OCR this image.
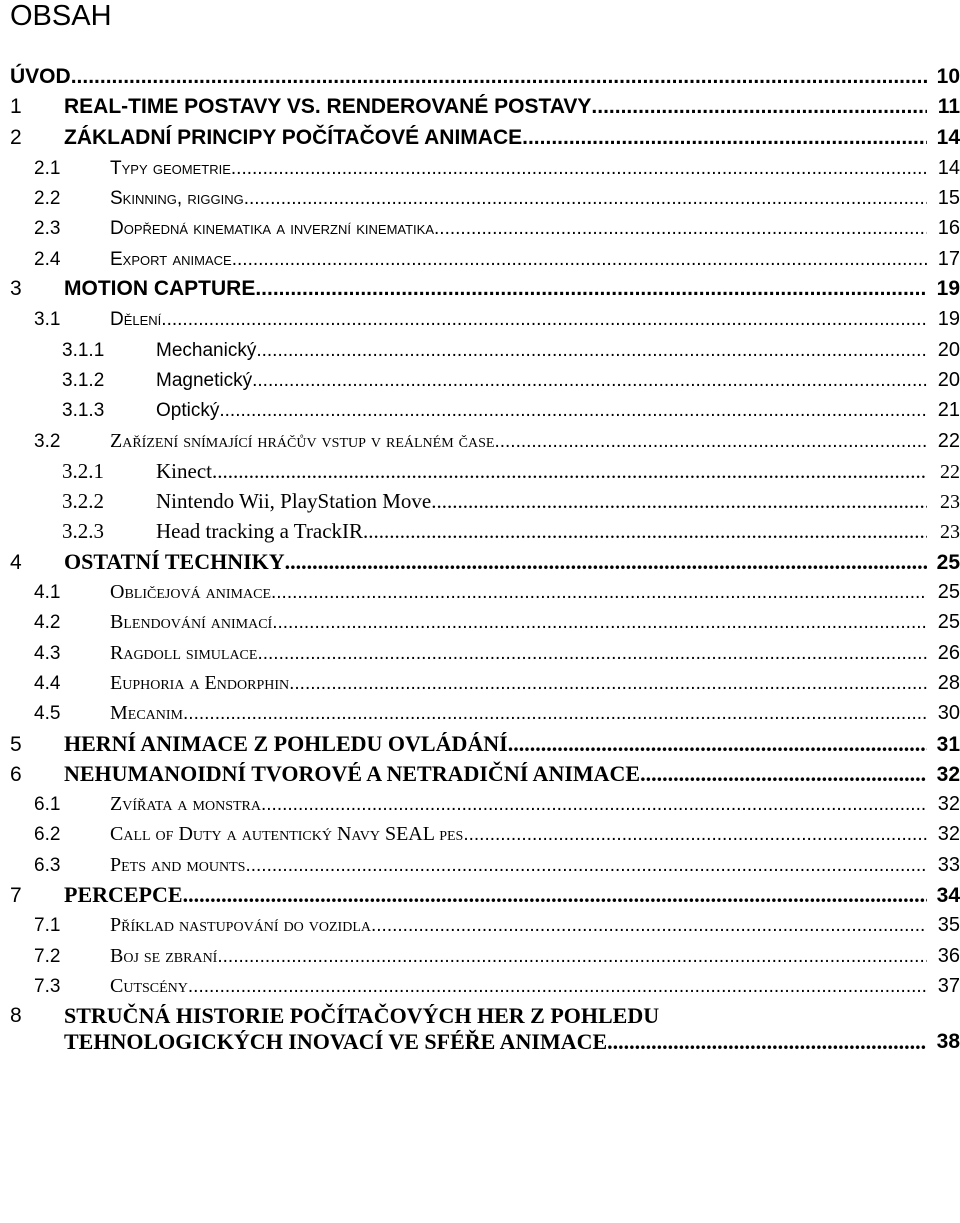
OBSAH
ÚVOD .....	10
1	REAL-TIME POSTAVY VS. RENDEROVANÉ POSTAVY .....	11
2	ZÁKLADNÍ PRINCIPY POČÍTAČOVÉ ANIMACE .....	14
2.1	Typy geometrie .....	14
2.2	Skinning, rigging .....	15
2.3	Dopředná kinematika a inverzní kinematika .....	16
2.4	Export animace .....	17
3	MOTION CAPTURE .....	19
3.1	Dělení .....	19
3.1.1	Mechanický .....	20
3.1.2	Magnetický .....	20
3.1.3	Optický .....	21
3.2	Zařízení snímající hráčův vstup v reálném čase .....	22
3.2.1	Kinect .....	22
3.2.2	Nintendo Wii, PlayStation Move .....	23
3.2.3	Head tracking a TrackIR .....	23
4	OSTATNÍ TECHNIKY .....	25
4.1	Obličejová animace .....	25
4.2	Blendování animací .....	25
4.3	Ragdoll simulace .....	26
4.4	Euphoria a Endorphin .....	28
4.5	Mecanim .....	30
5	HERNÍ ANIMACE Z POHLEDU OVLÁDÁNÍ .....	31
6	NEHUMANOIDNÍ TVOROVÉ A NETRADIČNÍ ANIMACE .....	32
6.1	Zvířata a monstra .....	32
6.2	Call of Duty a autentický Navy SEAL pes .....	32
6.3	Pets and mounts .....	33
7	PERCEPCE .....	34
7.1	Příklad nastupování do vozidla .....	35
7.2	Boj se zbraní .....	36
7.3	Cutscény .....	37
8	STRUČNÁ HISTORIE POČÍTAČOVÝCH HER Z POHLEDU
TEHNOLOGICKÝCH INOVACÍ VE SFÉŘE ANIMACE .....	38
